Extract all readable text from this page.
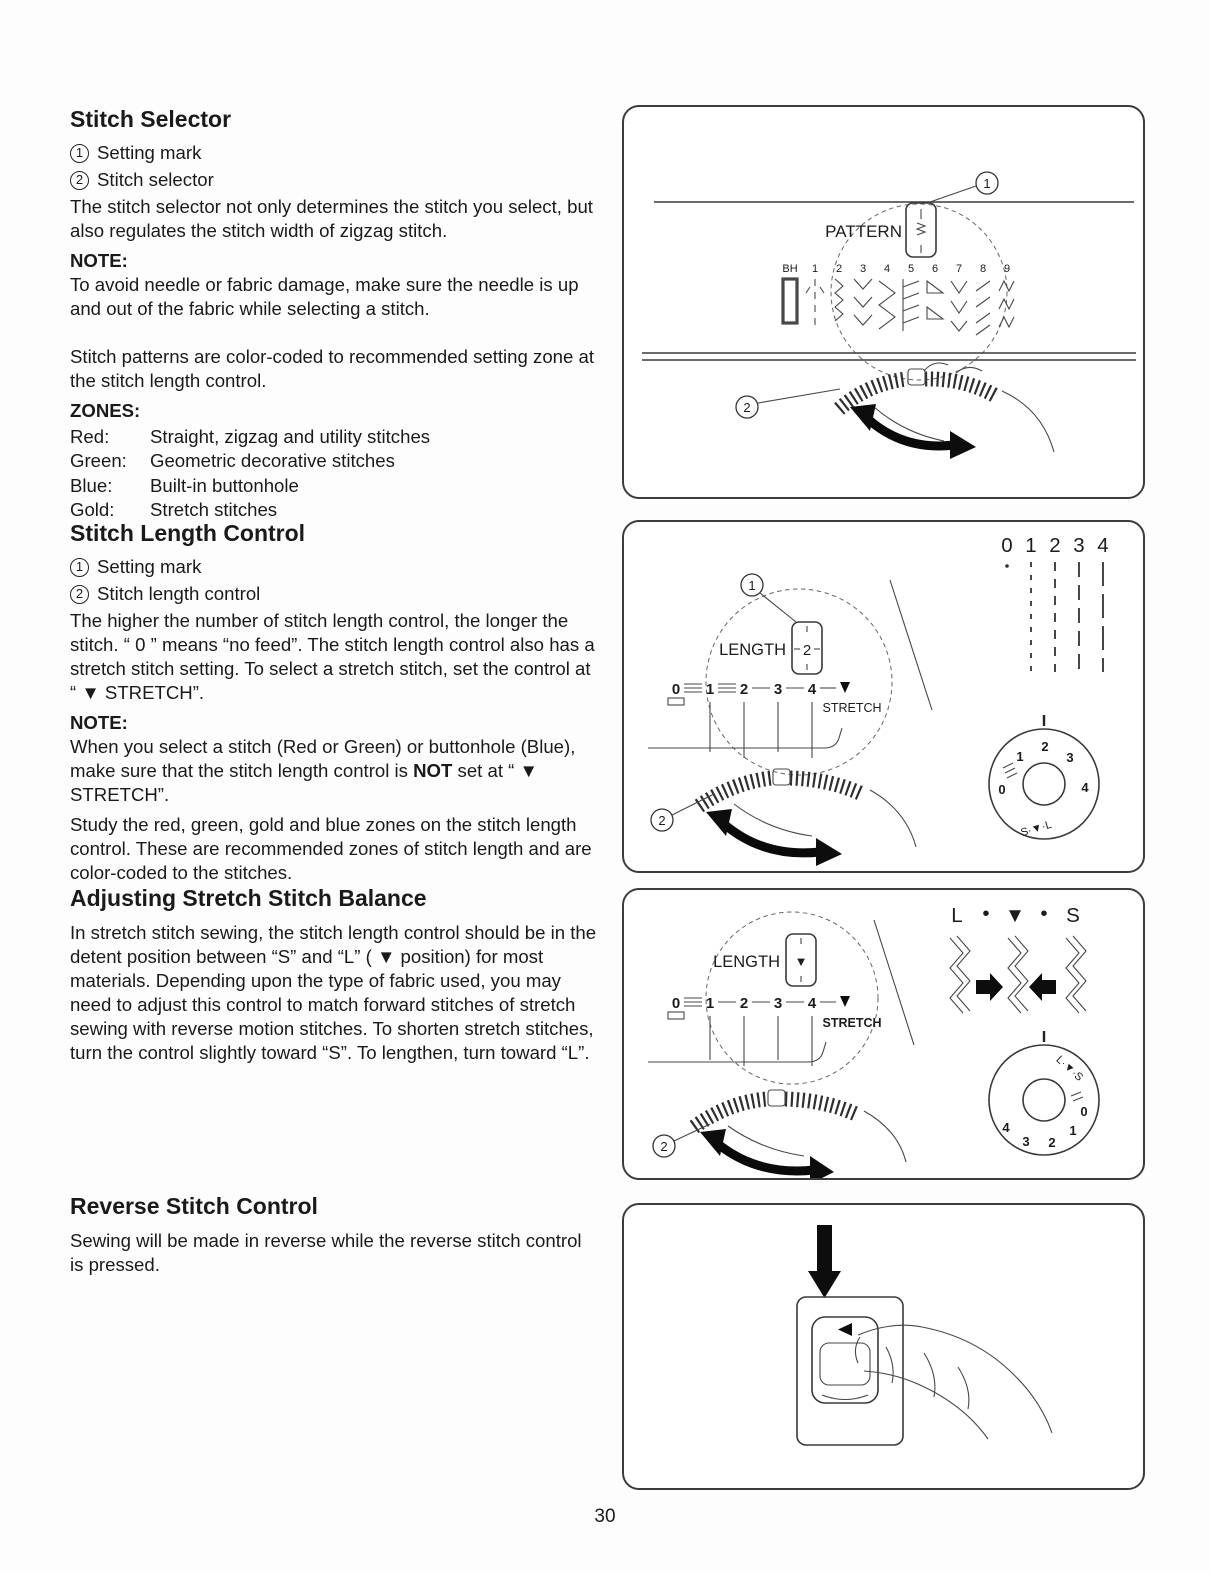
Stitch Selector
1 Setting mark
2 Stitch selector

The stitch selector not only determines the stitch you select, but also regulates the stitch width of zigzag stitch.

NOTE:

To avoid needle or fabric damage, make sure the needle is up and out of the fabric while selecting a stitch.

Stitch patterns are color-coded to recommended setting zone at the stitch length control.

ZONES:

Red:	Straight, zigzag and utility stitches
Green:	Geometric decorative stitches
Blue:	Built-in buttonhole
Gold:	Stretch stitches
Stitch Length Control
1 Setting mark
2 Stitch length control

The higher the number of stitch length control, the longer the stitch. “ 0 ” means “no feed”. The stitch length control also has a stretch stitch setting. To select a stretch stitch, set the control at “ ▼ STRETCH”.

NOTE:

When you select a stitch (Red or Green) or buttonhole (Blue), make sure that the stitch length control is NOT set at “ ▼ STRETCH”.

Study the red, green, gold and blue zones on the stitch length control. These are recommended zones of stitch length and are color-coded to the stitches.

Adjusting Stretch Stitch Balance

In stretch stitch sewing, the stitch length control should be in the detent position between “S” and “L” ( ▼ position) for most materials. Depending upon the type of fabric used, you may need to adjust this control to match forward stitches of stretch sewing with reverse motion stitches. To shorten stretch stitches, turn the control slightly toward “S”. To lengthen, turn toward “L”.

Reverse Stitch Control

Sewing will be made in reverse while the reverse stitch control is pressed.

1
PATTERN
BH 1 2 3 4 5 6 7 8 9
2
0 1 2 3 4
1
2
LENGTH
0 1 2 3 4
STRETCH
2
0
1
2
3
4
S·▼·L
L • ▼ • S
▼
LENGTH
0 1 2 3 4
STRETCH
2
L·▼·S
4
3 2
1
0
30
